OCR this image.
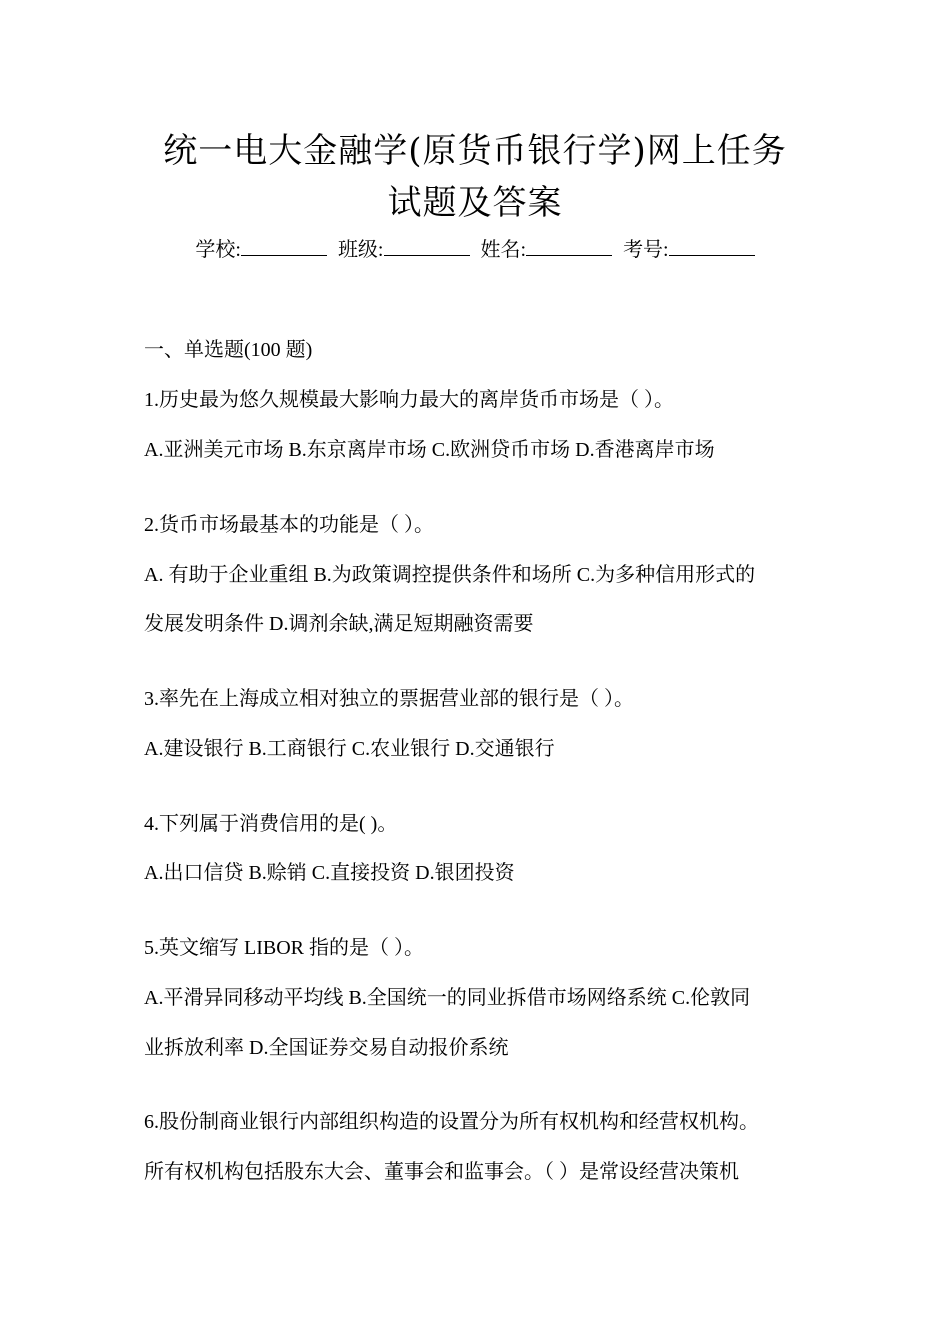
统一电大金融学(原货币银行学)网上任务
试题及答案
学校:	班级:	姓名:	考号:
一、单选题(100 题)
1.历史最为悠久规模最大影响力最大的离岸货币市场是（ ）。
A.亚洲美元市场 B.东京离岸市场 C.欧洲贷币市场 D.香港离岸市场
2.货币市场最基本的功能是（ ）。
A. 有助于企业重组 B.为政策调控提供条件和场所 C.为多种信用形式的
发展发明条件 D.调剂余缺,满足短期融资需要
3.率先在上海成立相对独立的票据营业部的银行是（ ）。
A.建设银行 B.工商银行 C.农业银行 D.交通银行
4.下列属于消费信用的是( )。
A.出口信贷 B.赊销 C.直接投资 D.银团投资
5.英文缩写 LIBOR 指的是（ ）。
A.平滑异同移动平均线 B.全国统一的同业拆借市场网络系统 C.伦敦同
业拆放利率 D.全国证券交易自动报价系统
6.股份制商业银行内部组织构造的设置分为所有权机构和经营权机构。
所有权机构包括股东大会、董事会和监事会。（ ）是常设经营决策机
